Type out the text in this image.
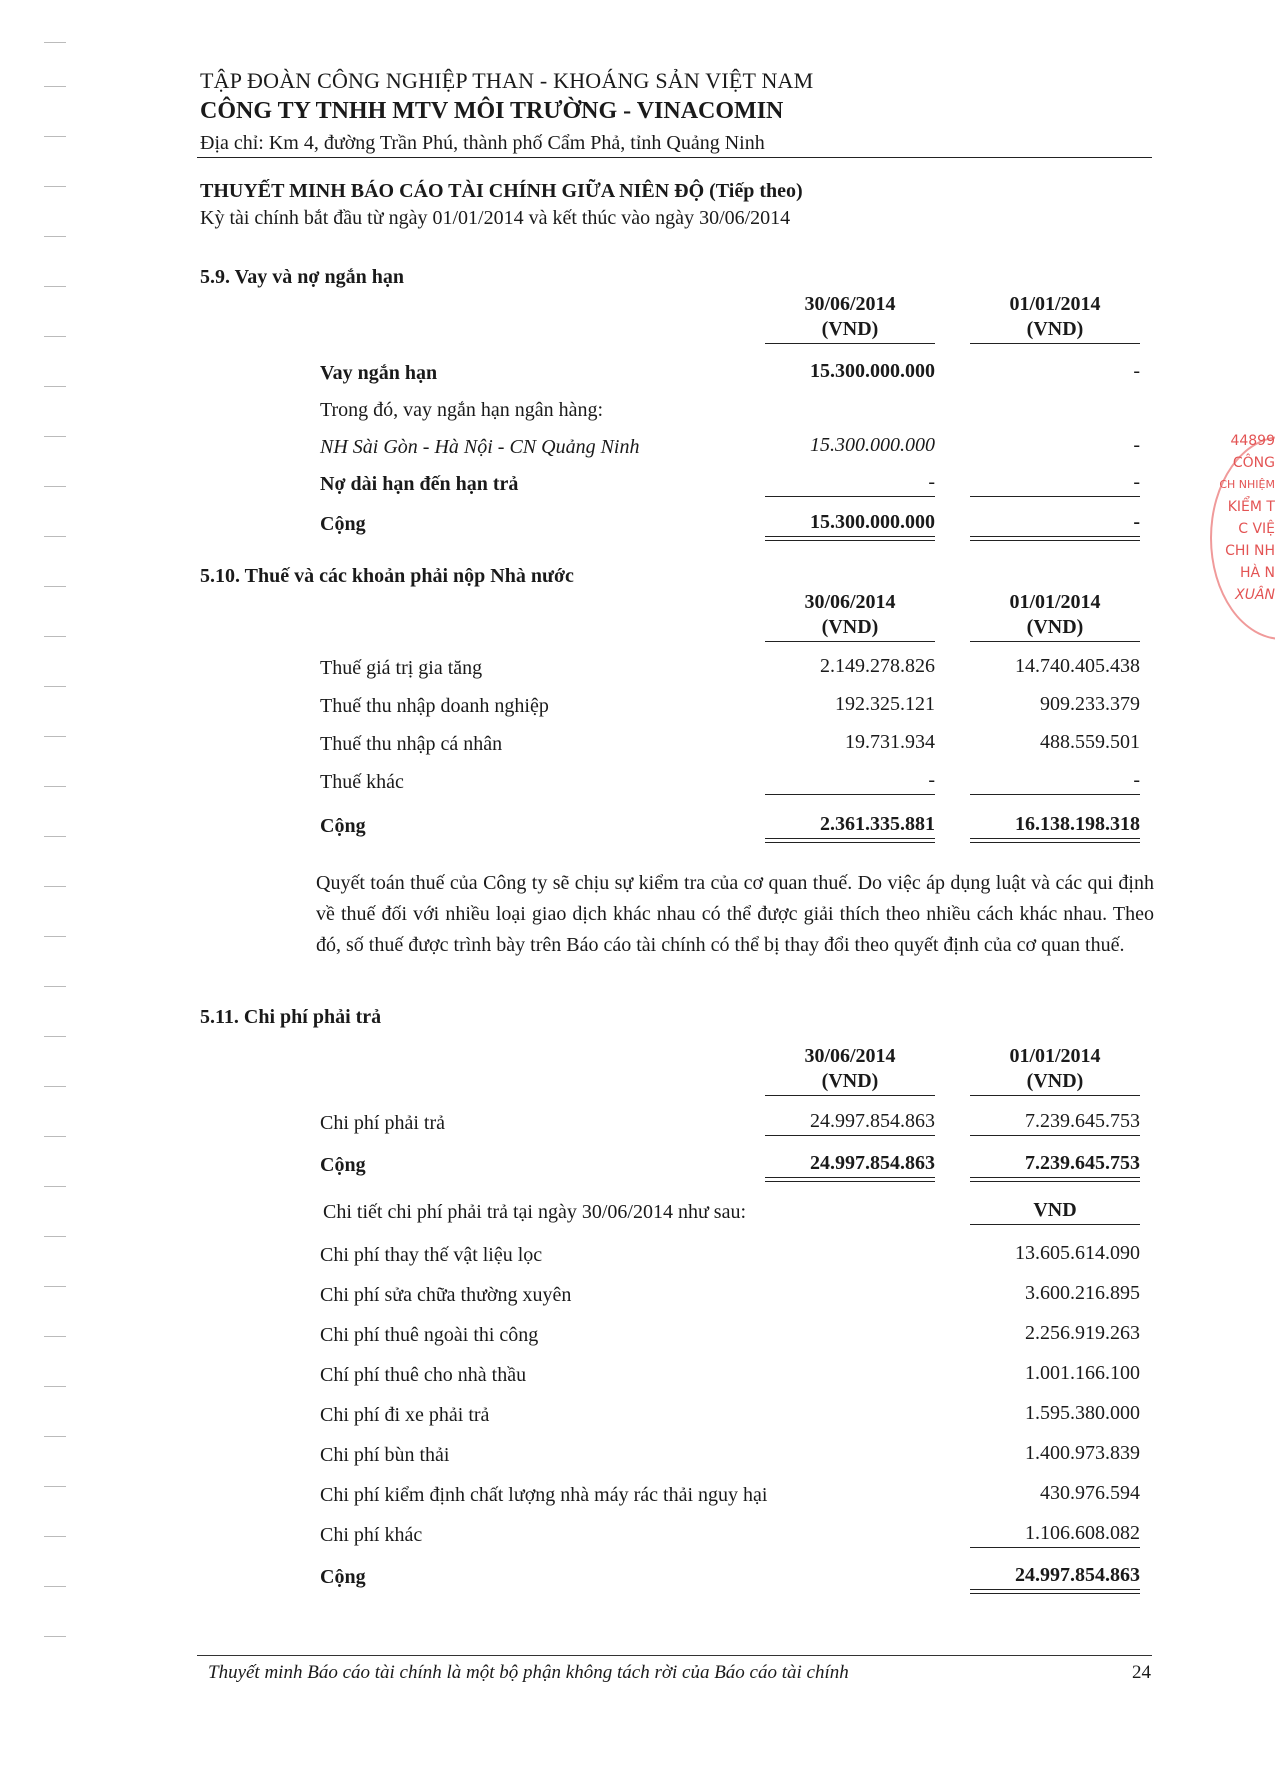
TẬP ĐOÀN CÔNG NGHIỆP THAN - KHOÁNG SẢN VIỆT NAM
CÔNG TY TNHH MTV MÔI TRƯỜNG - VINACOMIN
Địa chỉ: Km 4, đường Trần Phú, thành phố Cẩm Phả, tỉnh Quảng Ninh
THUYẾT MINH BÁO CÁO TÀI CHÍNH GIỮA NIÊN ĐỘ (Tiếp theo)
Kỳ tài chính bắt đầu từ ngày 01/01/2014 và kết thúc vào ngày 30/06/2014
5.9. Vay và nợ ngắn hạn
30/06/2014
(VND)
01/01/2014
(VND)
Vay ngắn hạn	15.300.000.000	-
Trong đó, vay ngắn hạn ngân hàng:
NH Sài Gòn - Hà Nội - CN Quảng Ninh	15.300.000.000	-
Nợ dài hạn đến hạn trả	-	-
Cộng	15.300.000.000	-
5.10. Thuế và các khoản phải nộp Nhà nước
30/06/2014
(VND)
01/01/2014
(VND)
Thuế giá trị gia tăng	2.149.278.826	14.740.405.438
Thuế thu nhập doanh nghiệp	192.325.121	909.233.379
Thuế thu nhập cá nhân	19.731.934	488.559.501
Thuế khác	-	-
Cộng	2.361.335.881	16.138.198.318
Quyết toán thuế của Công ty sẽ chịu sự kiểm tra của cơ quan thuế. Do việc áp dụng luật và các qui định về thuế đối với nhiều loại giao dịch khác nhau có thể được giải thích theo nhiều cách khác nhau. Theo đó, số thuế được trình bày trên Báo cáo tài chính có thể bị thay đổi theo quyết định của cơ quan thuế.
5.11. Chi phí phải trả
30/06/2014
(VND)
01/01/2014
(VND)
Chi phí phải trả	24.997.854.863	7.239.645.753
Cộng	24.997.854.863	7.239.645.753
Chi tiết chi phí phải trả tại ngày 30/06/2014 như sau:	VND
Chi phí thay thế vật liệu lọc	13.605.614.090
Chi phí sửa chữa thường xuyên	3.600.216.895
Chi phí thuê ngoài thi công	2.256.919.263
Chí phí thuê cho nhà thầu	1.001.166.100
Chi phí đi xe phải trả	1.595.380.000
Chi phí bùn thải	1.400.973.839
Chi phí kiểm định chất lượng nhà máy rác thải nguy hại	430.976.594
Chi phí khác	1.106.608.082
Cộng	24.997.854.863
44899
CÔNG
CH NHIỆM
KIỂM T
C VIỆ
CHI NH
HÀ N
XUÂN
Thuyết minh Báo cáo tài chính là một bộ phận không tách rời của Báo cáo tài chính	24
